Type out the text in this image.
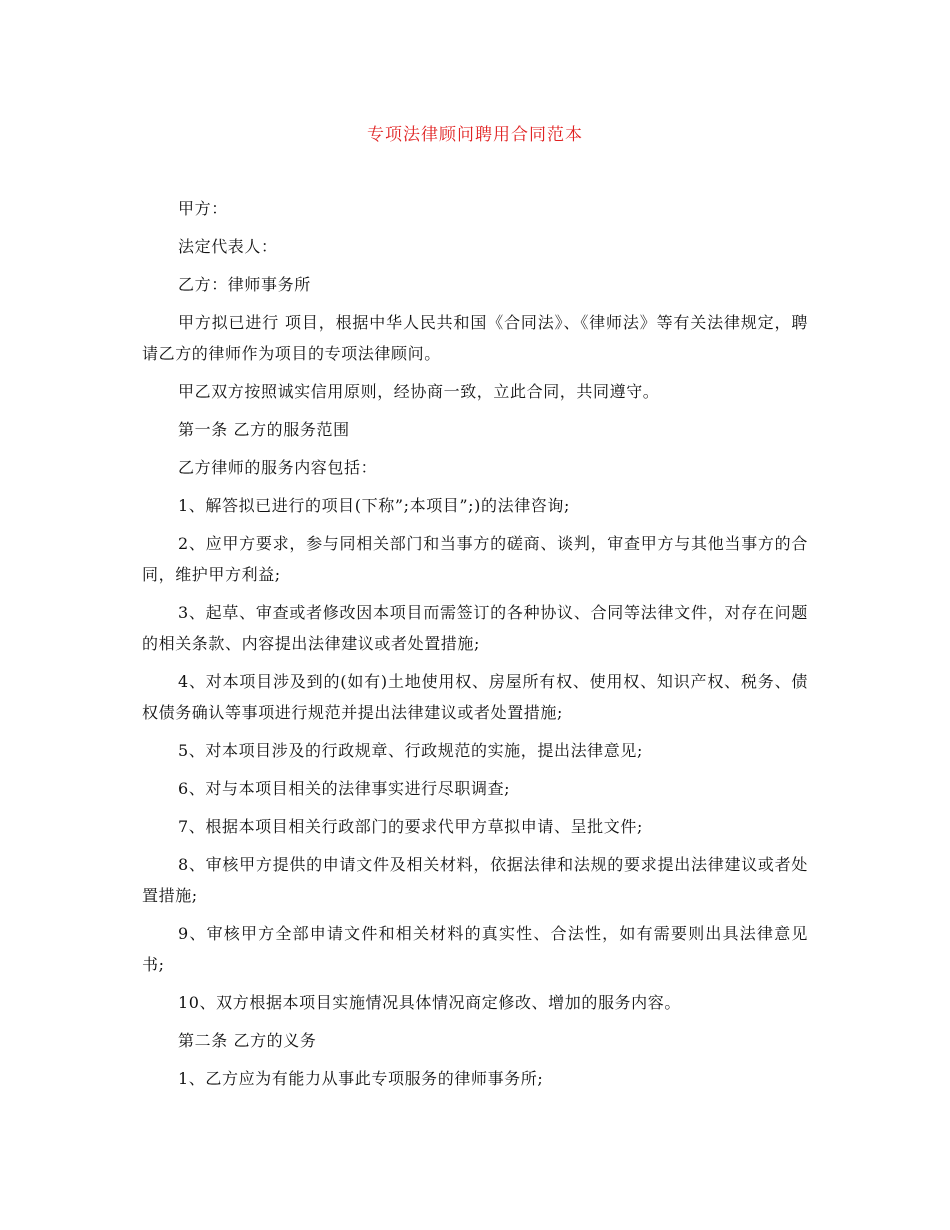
专项法律顾问聘用合同范本

甲方：

法定代表人：

乙方：律师事务所

甲方拟已进行 项目，根据中华人民共和国《合同法》、《律师法》等有关法律规定，聘请乙方的律师作为项目的专项法律顾问。

甲乙双方按照诚实信用原则，经协商一致，立此合同，共同遵守。

第一条 乙方的服务范围

乙方律师的服务内容包括：

1、解答拟已进行的项目(下称”;本项目”;)的法律咨询;

2、应甲方要求，参与同相关部门和当事方的磋商、谈判，审查甲方与其他当事方的合同，维护甲方利益;

3、起草、审查或者修改因本项目而需签订的各种协议、合同等法律文件，对存在问题的相关条款、内容提出法律建议或者处置措施;

4、对本项目涉及到的(如有)土地使用权、房屋所有权、使用权、知识产权、税务、债权债务确认等事项进行规范并提出法律建议或者处置措施;

5、对本项目涉及的行政规章、行政规范的实施，提出法律意见;

6、对与本项目相关的法律事实进行尽职调查;

7、根据本项目相关行政部门的要求代甲方草拟申请、呈批文件;

8、审核甲方提供的申请文件及相关材料，依据法律和法规的要求提出法律建议或者处置措施;

9、审核甲方全部申请文件和相关材料的真实性、合法性，如有需要则出具法律意见书;

10、双方根据本项目实施情况具体情况商定修改、增加的服务内容。

第二条 乙方的义务

1、乙方应为有能力从事此专项服务的律师事务所;
